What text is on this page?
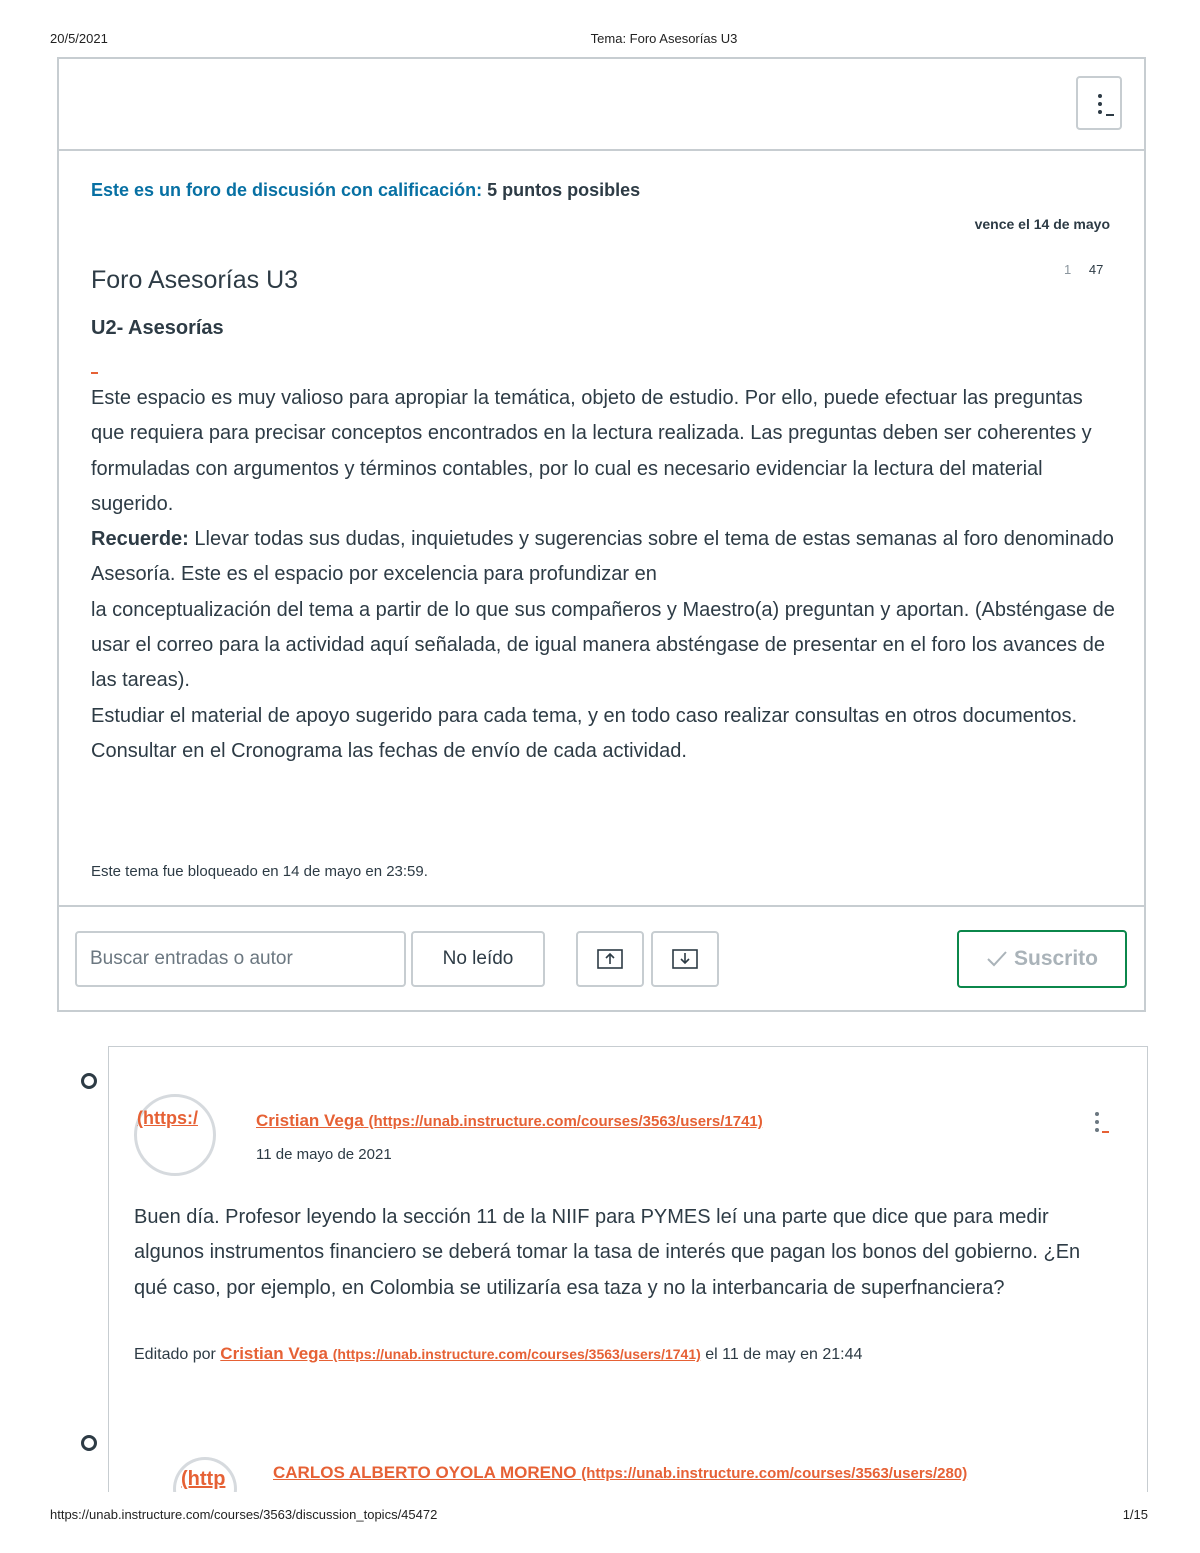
20/5/2021	Tema: Foro Asesorías U3
Este es un foro de discusión con calificación: 5 puntos posibles
vence el 14 de mayo
Foro Asesorías U3	1 47
U2- Asesorías

Este espacio es muy valioso para apropiar la temática, objeto de estudio. Por ello, puede efectuar las preguntas que requiera para precisar conceptos encontrados en la lectura realizada. Las preguntas deben ser coherentes y formuladas con argumentos y términos contables, por lo cual es necesario evidenciar la lectura del material sugerido.

Recuerde: Llevar todas sus dudas, inquietudes y sugerencias sobre el tema de estas semanas al foro denominado Asesoría. Este es el espacio por excelencia para profundizar en

la conceptualización del tema a partir de lo que sus compañeros y Maestro(a) preguntan y aportan. (Absténgase de usar el correo para la actividad aquí señalada, de igual manera absténgase de presentar en el foro los avances de las tareas).

Estudiar el material de apoyo sugerido para cada tema, y en todo caso realizar consultas en otros documentos.

Consultar en el Cronograma las fechas de envío de cada actividad.

Este tema fue bloqueado en 14 de mayo en 23:59.
Buscar entradas o autor	No leído	Suscrito
(https:/	Cristian Vega (https://unab.instructure.com/courses/3563/users/1741)
11 de mayo de 2021
Buen día. Profesor leyendo la sección 11 de la NIIF para PYMES leí una parte que dice que para medir algunos instrumentos financiero se deberá tomar la tasa de interés que pagan los bonos del gobierno. ¿En qué caso, por ejemplo, en Colombia se utilizaría esa taza y no la interbancaria de superfnanciera?
Editado por Cristian Vega (https://unab.instructure.com/courses/3563/users/1741) el 11 de may en 21:44
(http	CARLOS ALBERTO OYOLA MORENO (https://unab.instructure.com/courses/3563/users/280)
https://unab.instructure.com/courses/3563/discussion_topics/45472	1/15
